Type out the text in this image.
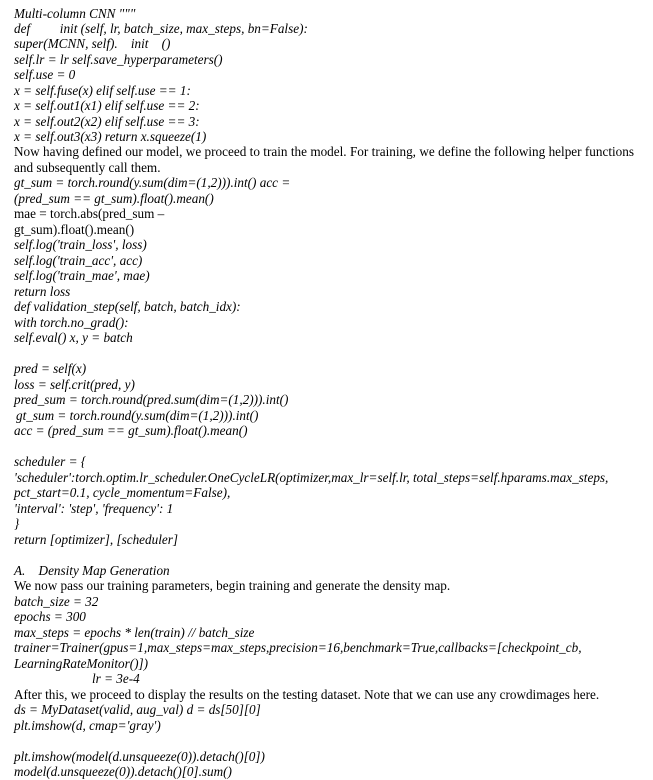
Now having defined our model, we proceed to train the model. For training, we define the following helper functions and subsequently call them.
Multi-column CNN """
def         init (self, lr, batch_size, max_steps, bn=False):
super(MCNN, self).    init    ()
self.lr = lr self.save_hyperparameters()
self.use = 0
x = self.fuse(x) elif self.use == 1:
x = self.out1(x1) elif self.use == 2:
x = self.out2(x2) elif self.use == 3:
x = self.out3(x3) return x.squeeze(1)
gt_sum = torch.round(y.sum(dim=(1,2))).int() acc =
(pred_sum == gt_sum).float().mean()
mae = torch.abs(pred_sum –
gt_sum).float().mean()
self.log('train_loss', loss)
self.log('train_acc', acc)
self.log('train_mae', mae)
return loss
def validation_step(self, batch, batch_idx):
with torch.no_grad():
self.eval() x, y = batch
pred = self(x)
loss = self.crit(pred, y)
pred_sum = torch.round(pred.sum(dim=(1,2))).int()
gt_sum = torch.round(y.sum(dim=(1,2))).int()
acc = (pred_sum == gt_sum).float().mean()
scheduler = {
'scheduler':torch.optim.lr_scheduler.OneCycleLR(optimizer,max_lr=self.lr, total_steps=self.hparams.max_steps,
pct_start=0.1, cycle_momentum=False),
'interval': 'step', 'frequency': 1
}
return [optimizer], [scheduler]
A.    Density Map Generation
We now pass our training parameters, begin training and generate the density map.
batch_size = 32
epochs = 300
max_steps = epochs * len(train) // batch_size
trainer=Trainer(gpus=1,max_steps=max_steps,precision=16,benchmark=True,callbacks=[checkpoint_cb,
LearningRateMonitor()])
lr = 3e-4
After this, we proceed to display the results on the testing dataset. Note that we can use any crowdimages here.
ds = MyDataset(valid, aug_val) d = ds[50][0]
plt.imshow(d, cmap='gray')
plt.imshow(model(d.unsqueeze(0)).detach()[0])
model(d.unsqueeze(0)).detach()[0].sum()
